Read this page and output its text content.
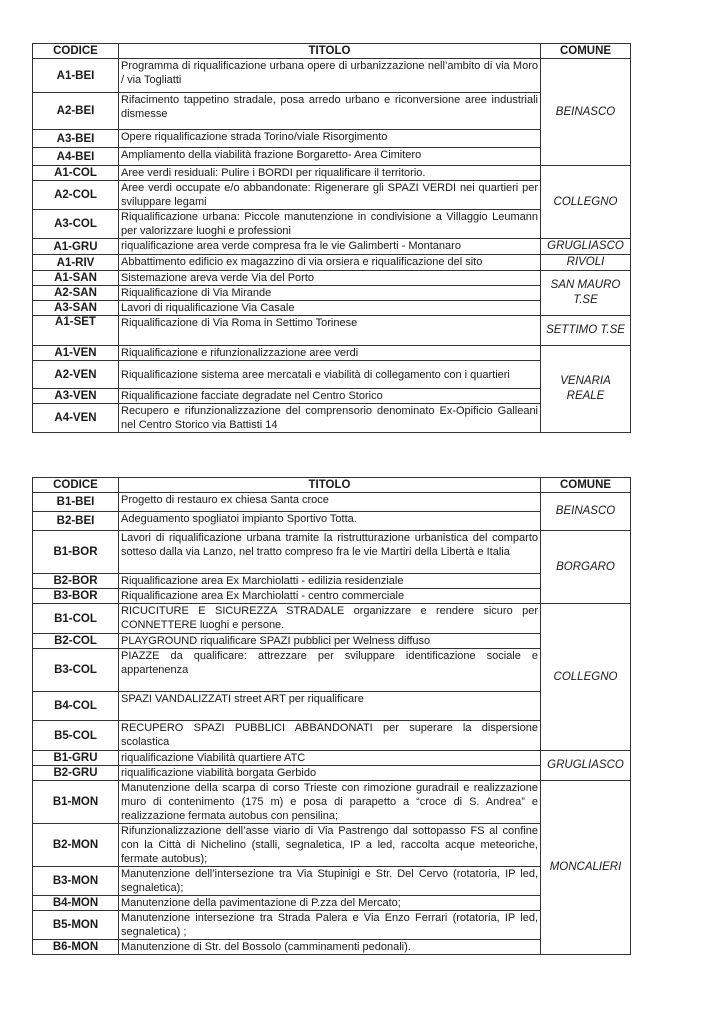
CODICE	TITOLO	COMUNE
A1-BEI	Programma di riqualificazione urbana opere di urbanizzazione nell’ambito di via Moro / via Togliatti	BEINASCO
A2-BEI	Rifacimento tappetino stradale, posa arredo urbano e riconversione aree industriali dismesse	
A3-BEI	Opere riqualificazione strada Torino/viale Risorgimento	
A4-BEI	Ampliamento della viabilità frazione Borgaretto- Area Cimitero	
A1-COL	Aree verdi residuali: Pulire i BORDI per riqualificare il territorio.	COLLEGNO
A2-COL	Aree verdi occupate e/o abbandonate: Rigenerare gli SPAZI VERDI nei quartieri per sviluppare legami	
A3-COL	Riqualificazione urbana: Piccole manutenzione in condivisione a Villaggio Leumann per valorizzare luoghi e professioni	
A1-GRU	riqualificazione area verde compresa fra le vie Galimberti - Montanaro	GRUGLIASCO
A1-RIV	Abbattimento edificio ex magazzino di via orsiera e riqualificazione del sito	RIVOLI
A1-SAN	Sistemazione areva verde Via del Porto	SAN MAURO T.SE
A2-SAN	Riqualificazione di Via Mirande	
A3-SAN	Lavori di riqualificazione Via Casale	
A1-SET	Riqualificazione di Via Roma in Settimo Torinese	SETTIMO T.SE
A1-VEN	Riqualificazione e rifunzionalizzazione aree verdi	VENARIA REALE
A2-VEN	Riqualificazione sistema aree mercatali e viabilità di collegamento con i quartieri	
A3-VEN	Riqualificazione facciate degradate nel Centro Storico	
A4-VEN	Recupero e rifunzionalizzazione del comprensorio denominato Ex-Opificio Galleani nel Centro Storico via Battisti 14	
CODICE	TITOLO	COMUNE
B1-BEI	Progetto di restauro ex chiesa Santa croce	BEINASCO
B2-BEI	Adeguamento spogliatoi impianto Sportivo Totta.	
B1-BOR	Lavori di riqualificazione urbana tramite la ristrutturazione urbanistica del comparto sotteso dalla via Lanzo, nel tratto compreso fra le vie Martiri della Libertà e Italia	BORGARO
B2-BOR	Riqualificazione area Ex Marchiolatti - edilizia residenziale	
B3-BOR	Riqualificazione area Ex Marchiolatti - centro commerciale	
B1-COL	RICUCITURE E SICUREZZA STRADALE organizzare e rendere sicuro per CONNETTERE luoghi e persone.	COLLEGNO
B2-COL	PLAYGROUND riqualificare SPAZI pubblici per Welness diffuso	
B3-COL	PIAZZE da qualificare: attrezzare per sviluppare identificazione sociale e appartenenza	
B4-COL	SPAZI VANDALIZZATI street ART per riqualificare	
B5-COL	RECUPERO SPAZI PUBBLICI ABBANDONATI per superare la dispersione scolastica	
B1-GRU	riqualificazione Viabilità quartiere ATC	GRUGLIASCO
B2-GRU	riqualificazione viabilità borgata Gerbido	
B1-MON	Manutenzione della scarpa di corso Trieste con rimozione guradrail e realizzazione muro di contenimento (175 m) e posa di parapetto a “croce di S. Andrea” e realizzazione fermata autobus con pensilina;	MONCALIERI
B2-MON	Rifunzionalizzazione dell’asse viario di Via Pastrengo dal sottopasso FS al confine con la Città di Nichelino (stalli, segnaletica, IP a led, raccolta acque meteoriche, fermate autobus);	
B3-MON	Manutenzione dell’intersezione tra Via Stupinigi e Str. Del Cervo (rotatoria, IP led, segnaletica);	
B4-MON	Manutenzione della pavimentazione di P.zza del Mercato;	
B5-MON	Manutenzione intersezione tra Strada Palera e Via Enzo Ferrari (rotatoria, IP led, segnaletica) ;	
B6-MON	Manutenzione di Str. del Bossolo (camminamenti pedonali).	
